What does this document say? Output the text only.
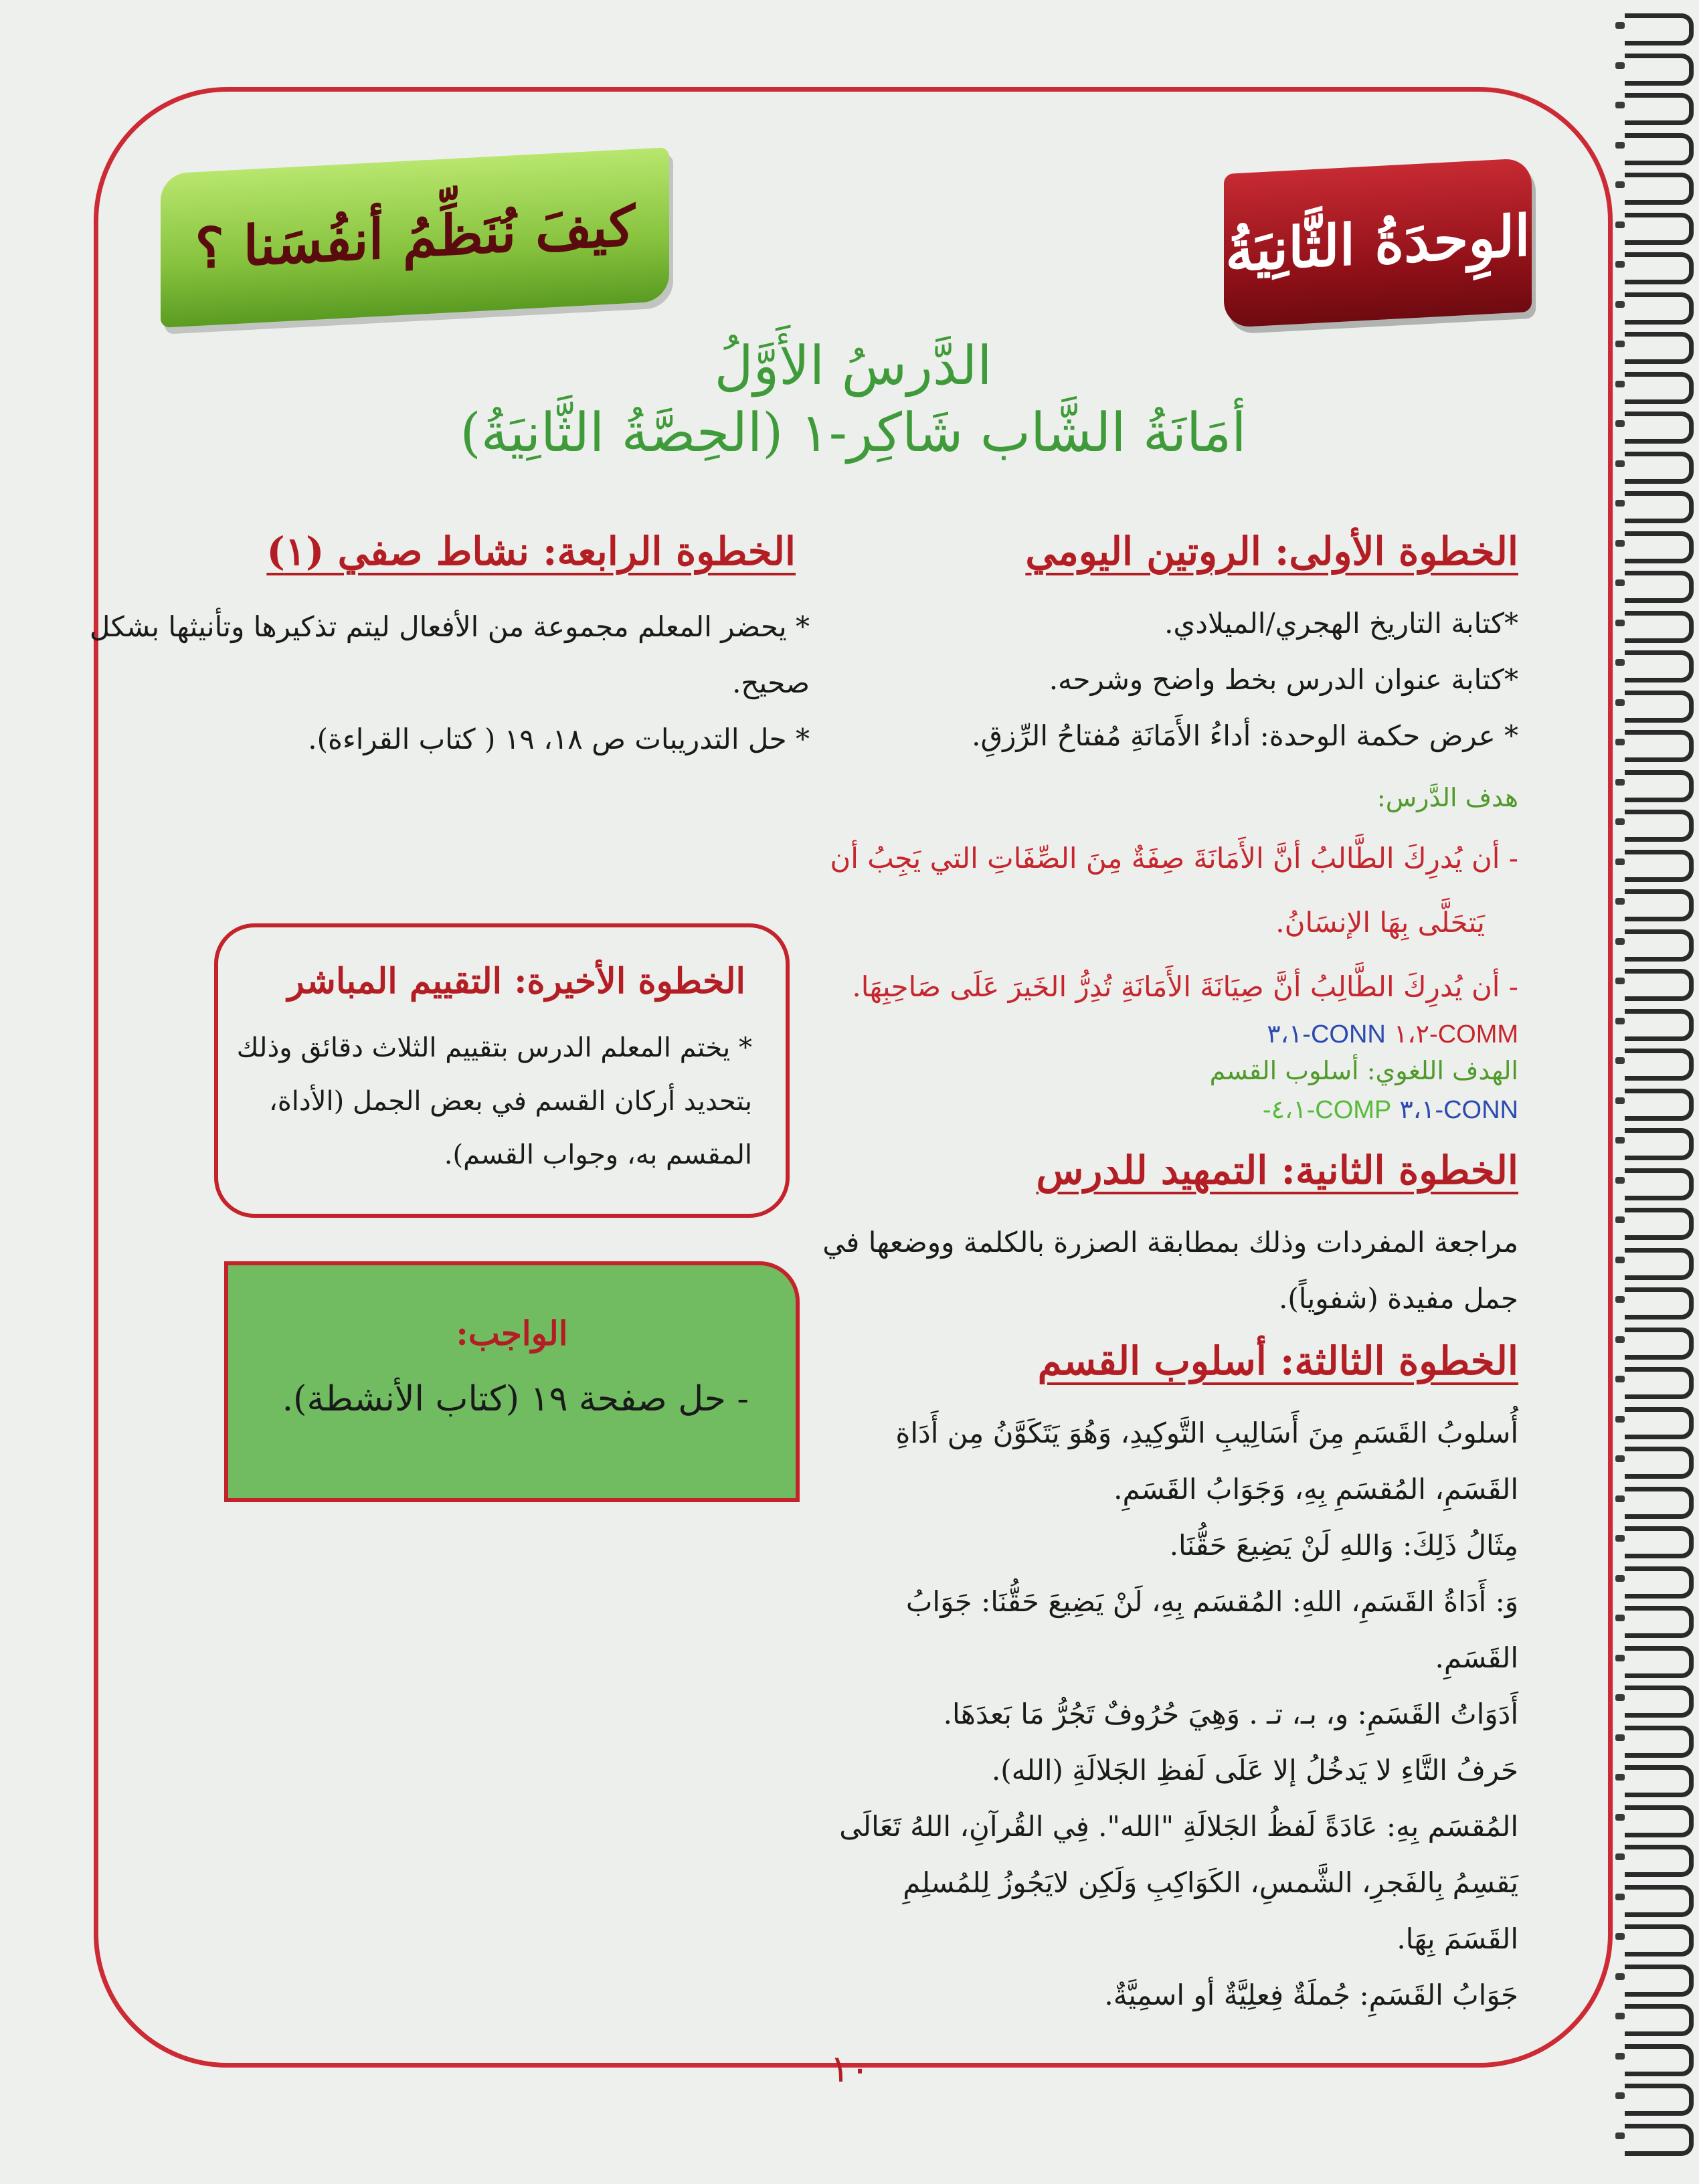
الوِحدَةُ الثَّانِيَةُ
كيفَ نُنَظِّمُ أنفُسَنا ؟
الدَّرسُ الأَوَّلُ
أمَانَةُ الشَّاب شَاكِر-١ (الحِصَّةُ الثَّانِيَةُ)
الخطوة الأولى: الروتين اليومي
*كتابة التاريخ الهجري/الميلادي.
*كتابة عنوان الدرس بخط واضح وشرحه.
* عرض حكمة الوحدة: أداءُ الأَمَانَةِ مُفتاحُ الرِّزقِ.
هدف الدَّرس:
- أن يُدرِكَ الطَّالبُ أنَّ الأَمَانَةَ صِفَةٌ مِنَ الصِّفَاتِ التي يَجِبُ أن
يَتحَلَّى بِهَا الإنسَانُ.
- أن يُدرِكَ الطَّالِبُ أنَّ صِيَانَةَ الأَمَانَةِ تُدِرُّ الخَيرَ عَلَى صَاحِبِهَا.
COMM-١،٢ CONN-٣،١
الهدف اللغوي: أسلوب القسم
CONN-٣،١ COMP-٤،١-
الخطوة الثانية: التمهيد للدرس
مراجعة المفردات وذلك بمطابقة الصزرة بالكلمة ووضعها في
جمل مفيدة (شفوياً).
الخطوة الثالثة: أسلوب القسم
أُسلوبُ القَسَمِ مِنَ أَسَالِيبِ التَّوكِيدِ، وَهُوَ يَتَكَوَّنُ مِن أَدَاةِ
القَسَمِ، المُقسَمِ بِهِ، وَجَوَابُ القَسَمِ.
مِثَالُ ذَلِكَ: وَاللهِ لَنْ يَضِيعَ حَقُّنَا.
وَ: أَدَاةُ القَسَمِ، اللهِ: المُقسَم بِهِ، لَنْ يَضِيعَ حَقُّنَا: جَوَابُ
القَسَمِ.
أَدَوَاتُ القَسَمِ: و، بـ، تـ . وَهِيَ حُرُوفٌ تَجُرُّ مَا بَعدَهَا.
حَرفُ التَّاءِ لا يَدخُلُ إلا عَلَى لَفظِ الجَلالَةِ (الله).
المُقسَم بِهِ: عَادَةً لَفظُ الجَلالَةِ "الله". فِي القُرآنِ، اللهُ تَعَالَى
يَقسِمُ بِالفَجرِ، الشَّمسِ، الكَوَاكِبِ وَلَكِن لايَجُوزُ لِلمُسلِمِ
القَسَمَ بِهَا.
جَوَابُ القَسَمِ: جُملَةٌ فِعلِيَّةٌ أو اسمِيَّةٌ.
الخطوة الرابعة: نشاط صفي (١)
* يحضر المعلم مجموعة من الأفعال ليتم تذكيرها وتأنيثها بشكل
صحيح.
* حل التدريبات ص ١٨، ١٩ ( كتاب القراءة).
الخطوة الأخيرة: التقييم المباشر
* يختم المعلم الدرس بتقييم الثلاث دقائق وذلك
بتحديد أركان القسم في بعض الجمل (الأداة،
المقسم به، وجواب القسم).
الواجب:
- حل صفحة ١٩ (كتاب الأنشطة).
١٠
